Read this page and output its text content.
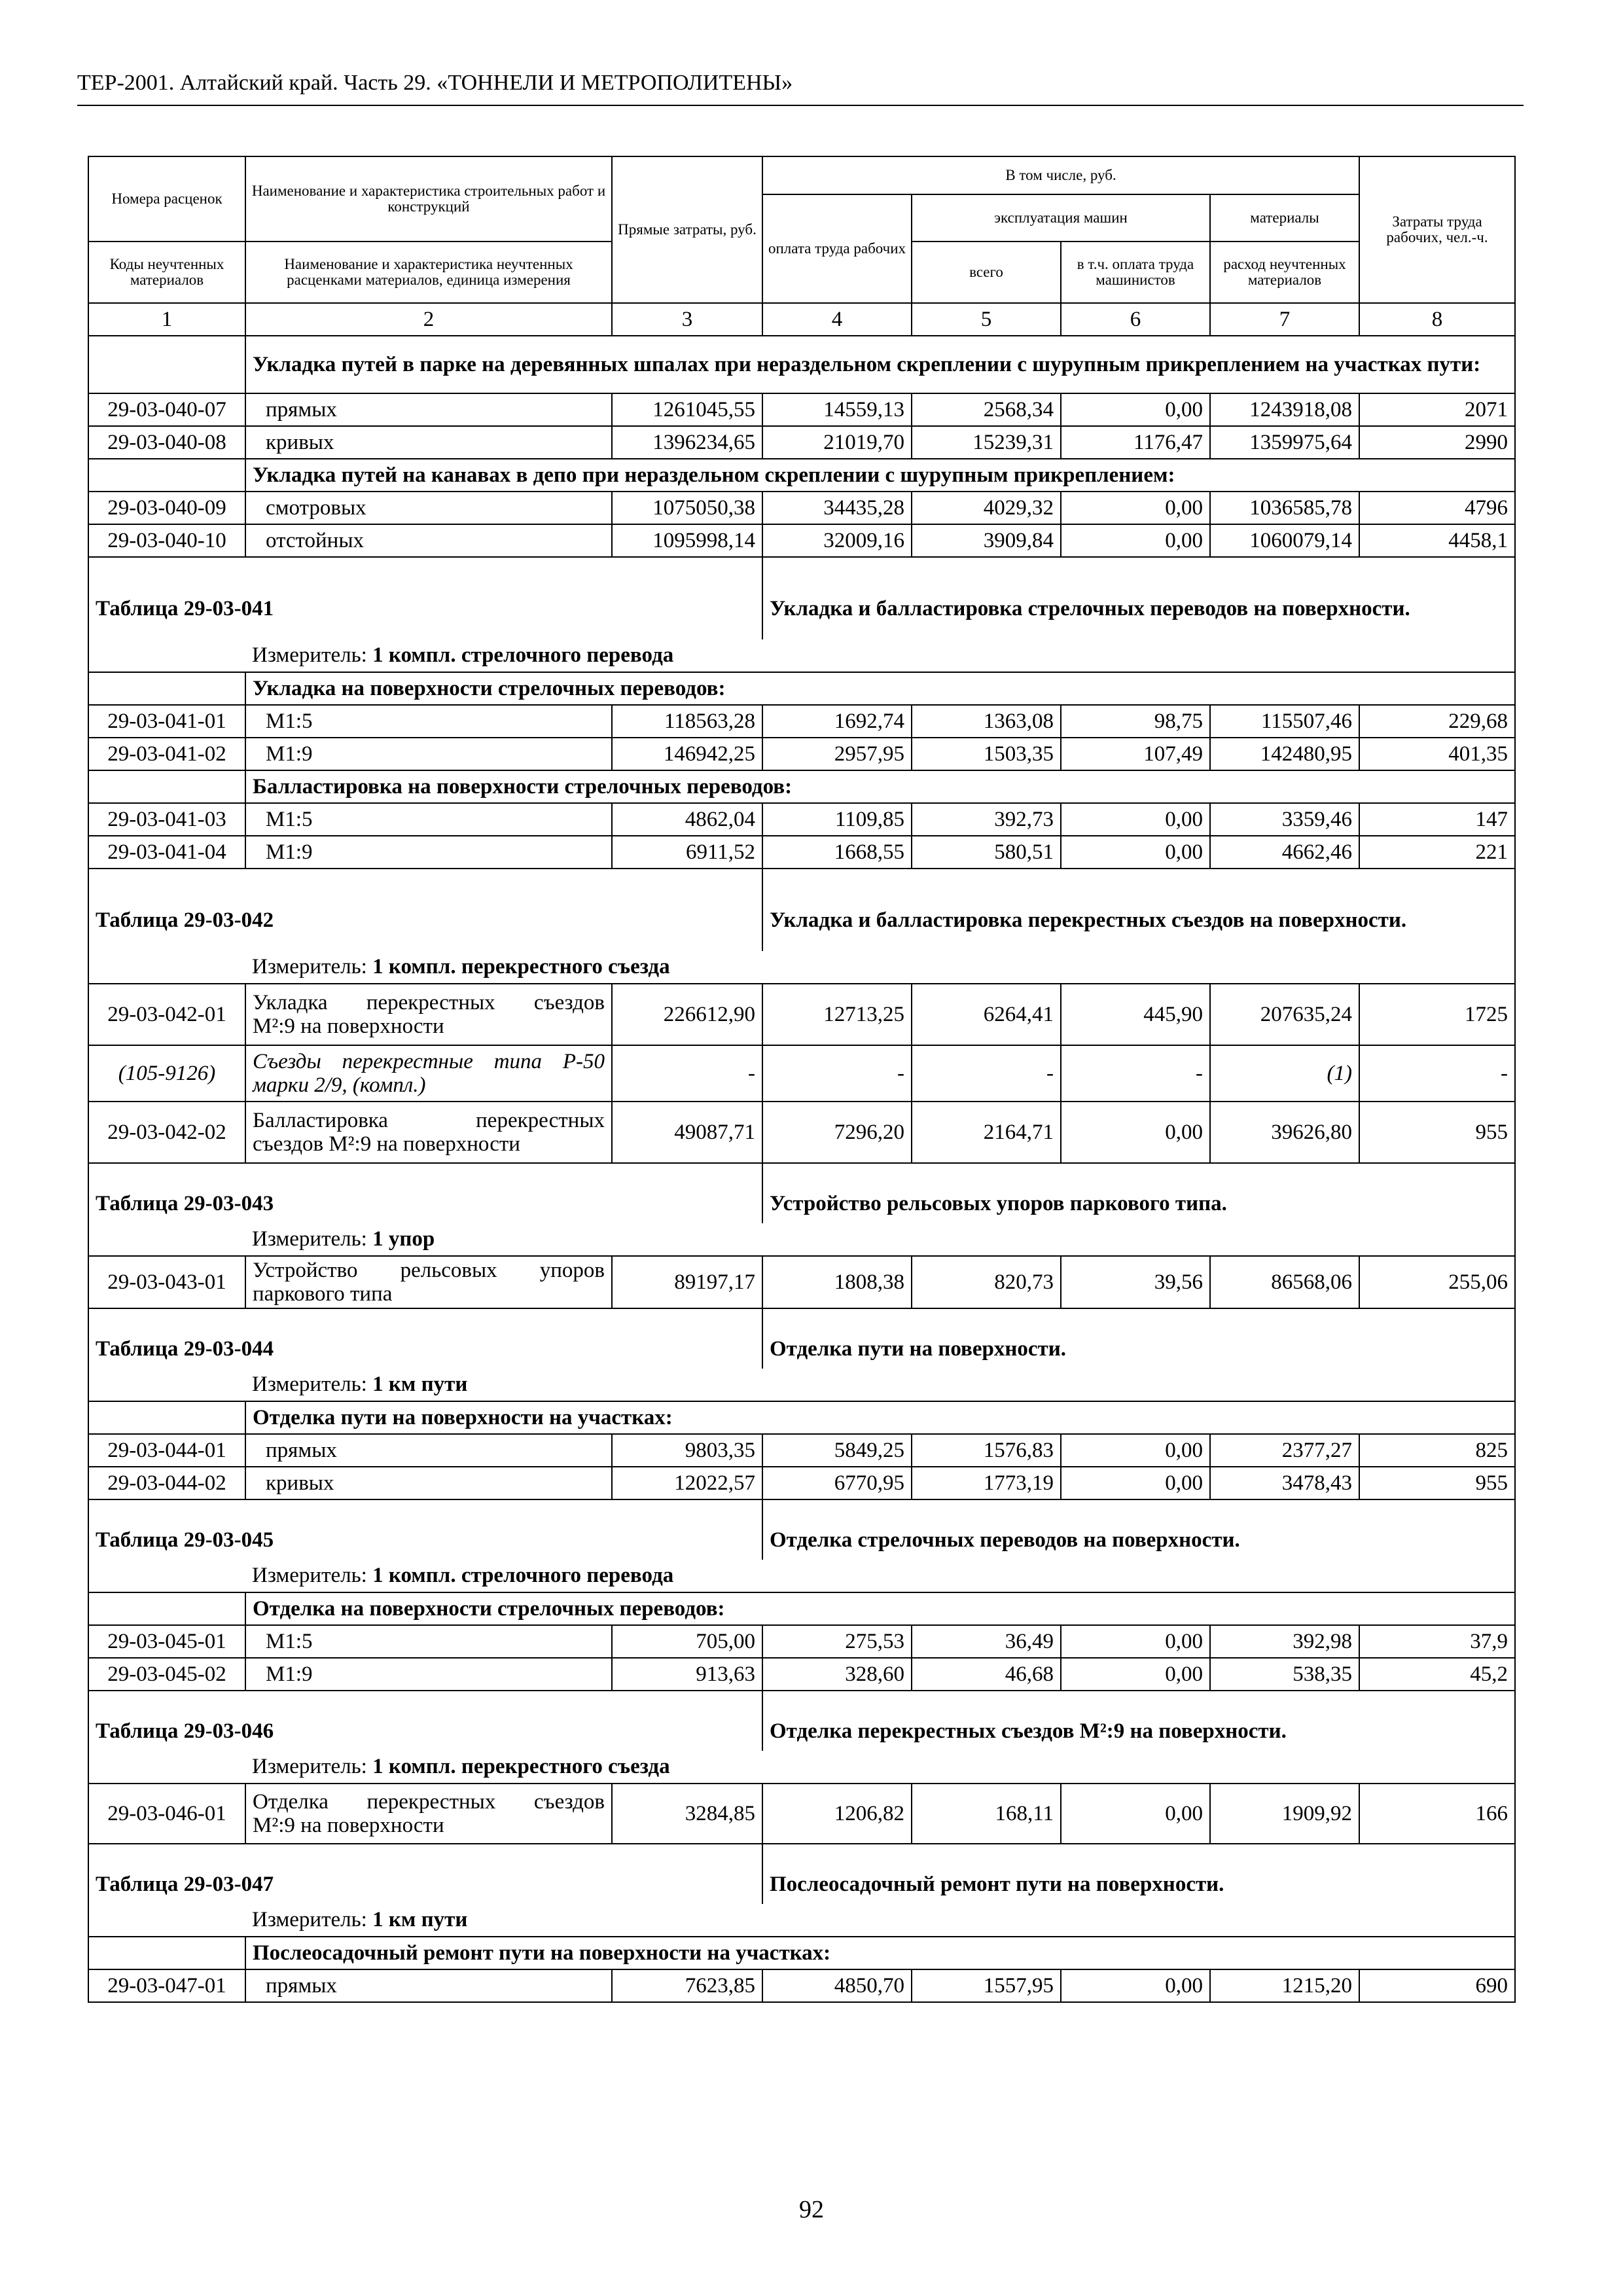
ТЕР-2001. Алтайский край. Часть 29. «ТОННЕЛИ И МЕТРОПОЛИТЕНЫ»
Номера расценок	Наименование и характеристика строительных работ и конструкций	Прямые затраты, руб.	В том числе, руб.				Затраты труда рабочих, чел.-ч.
			оплата труда рабочих	эксплуатация машин		материалы	
Коды неучтенных материалов	Наименование и характеристика неучтенных расценками материалов, единица измерения			всего	в т.ч. оплата труда машинистов	расход неучтенных материалов	
1	2	3	4	5	6	7	8
	Укладка путей в парке на деревянных шпалах при нераздельном скреплении с шурупным прикреплением на участках пути:						
29-03-040-07	прямых	1261045,55	14559,13	2568,34	0,00	1243918,08	2071
29-03-040-08	кривых	1396234,65	21019,70	15239,31	1176,47	1359975,64	2990
	Укладка путей на канавах в депо при нераздельном скреплении с шурупным прикреплением:						
29-03-040-09	смотровых	1075050,38	34435,28	4029,32	0,00	1036585,78	4796
29-03-040-10	отстойных	1095998,14	32009,16	3909,84	0,00	1060079,14	4458,1
Таблица 29-03-041			Укладка и балластировка стрелочных переводов на поверхности.				
	Измеритель: 1 компл. стрелочного перевода						
	Укладка на поверхности стрелочных переводов:						
29-03-041-01	М1:5	118563,28	1692,74	1363,08	98,75	115507,46	229,68
29-03-041-02	М1:9	146942,25	2957,95	1503,35	107,49	142480,95	401,35
	Балластировка на поверхности стрелочных переводов:						
29-03-041-03	М1:5	4862,04	1109,85	392,73	0,00	3359,46	147
29-03-041-04	М1:9	6911,52	1668,55	580,51	0,00	4662,46	221
Таблица 29-03-042			Укладка и балластировка перекрестных съездов на поверхности.				
	Измеритель: 1 компл. перекрестного съезда						
29-03-042-01	Укладка перекрестных съездов
М²:9 на поверхности	226612,90	12713,25	6264,41	445,90	207635,24	1725
(105-9126)	Съезды перекрестные типа Р-50
марки 2/9, (компл.)	-	-	-	-	(1)	-
29-03-042-02	Балластировка перекрестных
съездов М²:9 на поверхности	49087,71	7296,20	2164,71	0,00	39626,80	955
Таблица 29-03-043			Устройство рельсовых упоров паркового типа.				
	Измеритель: 1 упор						
29-03-043-01	Устройство рельсовых упоров
паркового типа	89197,17	1808,38	820,73	39,56	86568,06	255,06
Таблица 29-03-044			Отделка пути на поверхности.				
	Измеритель: 1 км пути						
	Отделка пути на поверхности на участках:						
29-03-044-01	прямых	9803,35	5849,25	1576,83	0,00	2377,27	825
29-03-044-02	кривых	12022,57	6770,95	1773,19	0,00	3478,43	955
Таблица 29-03-045			Отделка стрелочных переводов на поверхности.				
	Измеритель: 1 компл. стрелочного перевода						
	Отделка на поверхности стрелочных переводов:						
29-03-045-01	М1:5	705,00	275,53	36,49	0,00	392,98	37,9
29-03-045-02	М1:9	913,63	328,60	46,68	0,00	538,35	45,2
Таблица 29-03-046			Отделка перекрестных съездов М²:9 на поверхности.				
	Измеритель: 1 компл. перекрестного съезда						
29-03-046-01	Отделка перекрестных съездов
М²:9 на поверхности	3284,85	1206,82	168,11	0,00	1909,92	166
Таблица 29-03-047			Послеосадочный ремонт пути на поверхности.				
	Измеритель: 1 км пути						
	Послеосадочный ремонт пути на поверхности на участках:						
29-03-047-01	прямых	7623,85	4850,70	1557,95	0,00	1215,20	690
92
